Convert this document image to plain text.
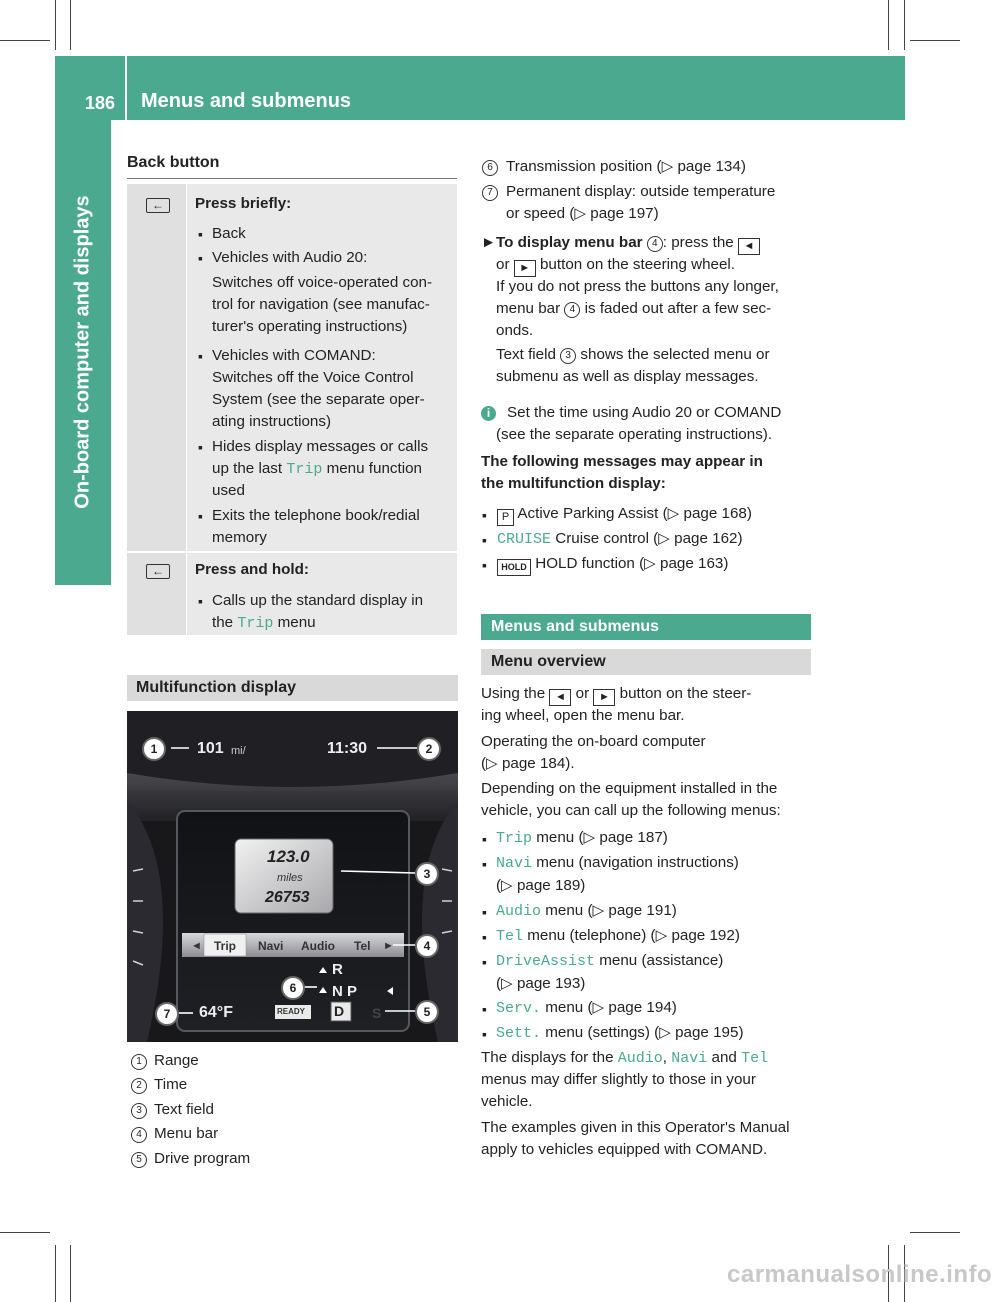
186 Menus and submenus
On-board computer and displays
Back button
←	Press briefly:
▪ Back
▪ Vehicles with Audio 20:
Switches off voice-operated con-
trol for navigation (see manufac-
turer's operating instructions)
▪ Vehicles with COMAND:
Switches off the Voice Control
System (see the separate oper-
ating instructions)
▪ Hides display messages or calls
up the last Trip menu function
used
▪ Exits the telephone book/redial
memory
←	Press and hold:
▪ Calls up the standard display in
the Trip menu
Multifunction display
101 mi/	11:30
123.0
miles
26753
◄ Trip Navi Audio Tel ►
R
N P
D S
64°F	READY
1	2
3
4
5
6
7
1 Range
2 Time
3 Text field
4 Menu bar
5 Drive program
6 Transmission position (▷ page 134)
7 Permanent display: outside temperature
or speed (▷ page 197)
► To display menu bar 4 : press the ◄
or ► button on the steering wheel.
If you do not press the buttons any longer,
menu bar 4 is faded out after a few sec-
onds.
Text field 3 shows the selected menu or
submenu as well as display messages.
i	Set the time using Audio 20 or COMAND
(see the separate operating instructions).
The following messages may appear in
the multifunction display:
▪	P Active Parking Assist (▷ page 168)
▪ CRUISE Cruise control (▷ page 162)
▪	HOLD HOLD function (▷ page 163)
Menus and submenus
Menu overview
Using the ◄ or ► button on the steer-
ing wheel, open the menu bar.
Operating the on-board computer
(▷ page 184).
Depending on the equipment installed in the
vehicle, you can call up the following menus:
▪ Trip menu (▷ page 187)
▪ Navi menu (navigation instructions)
(▷ page 189)
▪ Audio menu (▷ page 191)
▪ Tel menu (telephone) (▷ page 192)
▪ DriveAssist menu (assistance)
(▷ page 193)
▪ Serv. menu (▷ page 194)
▪ Sett. menu (settings) (▷ page 195)
The displays for the Audio, Navi and Tel
menus may differ slightly to those in your
vehicle.
The examples given in this Operator's Manual
apply to vehicles equipped with COMAND.
carmanualsonline.info
